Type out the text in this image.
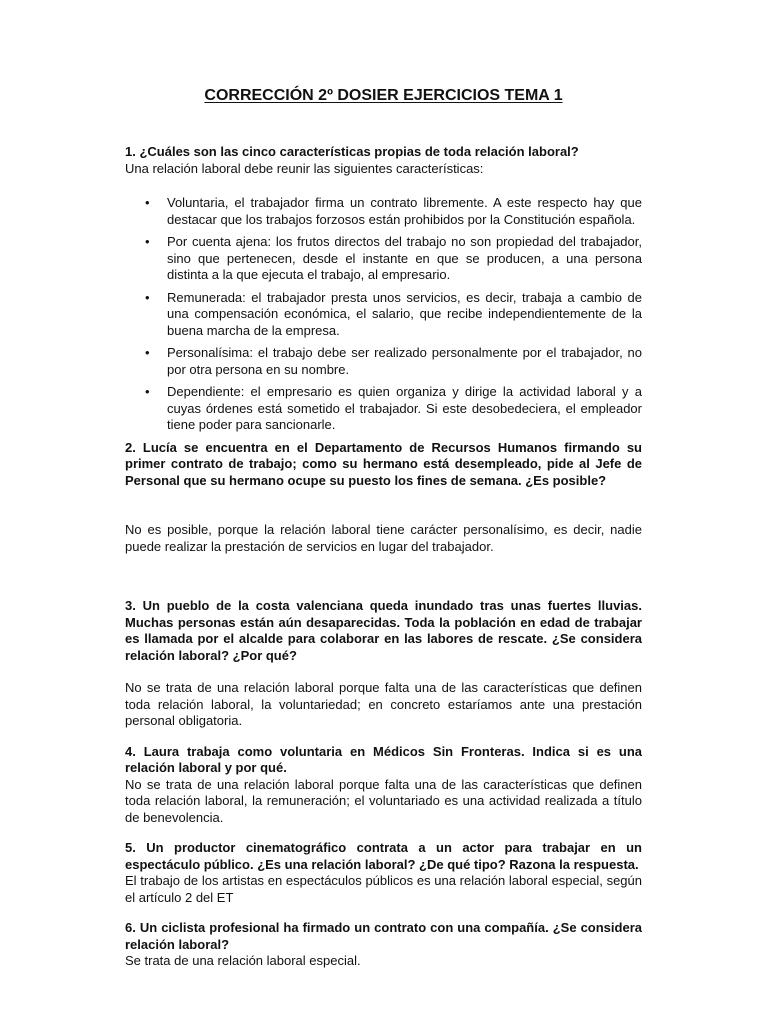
CORRECCIÓN 2º DOSIER EJERCICIOS TEMA 1

1. ¿Cuáles son las cinco características propias de toda relación laboral?

Una relación laboral debe reunir las siguientes características:

• Voluntaria, el trabajador firma un contrato libremente. A este respecto hay que destacar que los trabajos forzosos están prohibidos por la Constitución española.
• Por cuenta ajena: los frutos directos del trabajo no son propiedad del trabajador, sino que pertenecen, desde el instante en que se producen, a una persona distinta a la que ejecuta el trabajo, al empresario.
• Remunerada: el trabajador presta unos servicios, es decir, trabaja a cambio de una compensación económica, el salario, que recibe independientemente de la buena marcha de la empresa.
• Personalísima: el trabajo debe ser realizado personalmente por el trabajador, no por otra persona en su nombre.
• Dependiente: el empresario es quien organiza y dirige la actividad laboral y a cuyas órdenes está sometido el trabajador. Si este desobedeciera, el empleador tiene poder para sancionarle.

2. Lucía se encuentra en el Departamento de Recursos Humanos firmando su primer contrato de trabajo; como su hermano está desempleado, pide al Jefe de Personal que su hermano ocupe su puesto los fines de semana. ¿Es posible?

No es posible, porque la relación laboral tiene carácter personalísimo, es decir, nadie puede realizar la prestación de servicios en lugar del trabajador.

3. Un pueblo de la costa valenciana queda inundado tras unas fuertes lluvias. Muchas personas están aún desaparecidas. Toda la población en edad de trabajar es llamada por el alcalde para colaborar en las labores de rescate. ¿Se considera relación laboral? ¿Por qué?

No se trata de una relación laboral porque falta una de las características que definen toda relación laboral, la voluntariedad; en concreto estaríamos ante una prestación personal obligatoria.

4. Laura trabaja como voluntaria en Médicos Sin Fronteras. Indica si es una relación laboral y por qué.

No se trata de una relación laboral porque falta una de las características que definen toda relación laboral, la remuneración; el voluntariado es una actividad realizada a título de benevolencia.

5. Un productor cinematográfico contrata a un actor para trabajar en un espectáculo público. ¿Es una relación laboral? ¿De qué tipo? Razona la respuesta.

El trabajo de los artistas en espectáculos públicos es una relación laboral especial, según el artículo 2 del ET

6. Un ciclista profesional ha firmado un contrato con una compañía. ¿Se considera relación laboral?

Se trata de una relación laboral especial.
